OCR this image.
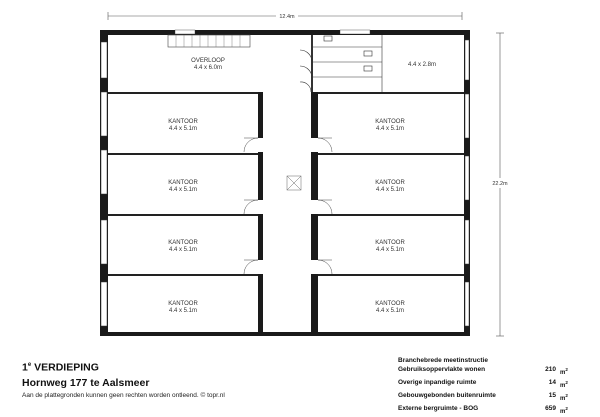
12.4m
22.2m
OVERLOOP
4.4 x 6.0m	4.4 x 2.8m
KANTOOR
4.4 x 5.1m
KANTOOR
4.4 x 5.1m
KANTOOR
4.4 x 5.1m
KANTOOR
4.4 x 5.1m
KANTOOR
4.4 x 5.1m
KANTOOR
4.4 x 5.1m
KANTOOR
4.4 x 5.1m
KANTOOR
4.4 x 5.1m

1e VERDIEPING

Hornweg 177 te Aalsmeer

Aan de plattegronden kunnen geen rechten worden ontleend. © topr.nl

Branchebrede meetinstructie
Gebruiksoppervlakte wonen	210 $m^2$
Overige inpandige ruimte	14 $m^2$
Gebouwgebonden buitenruimte	15 $m^2$
Externe bergruimte - BOG	659 $m^2$
